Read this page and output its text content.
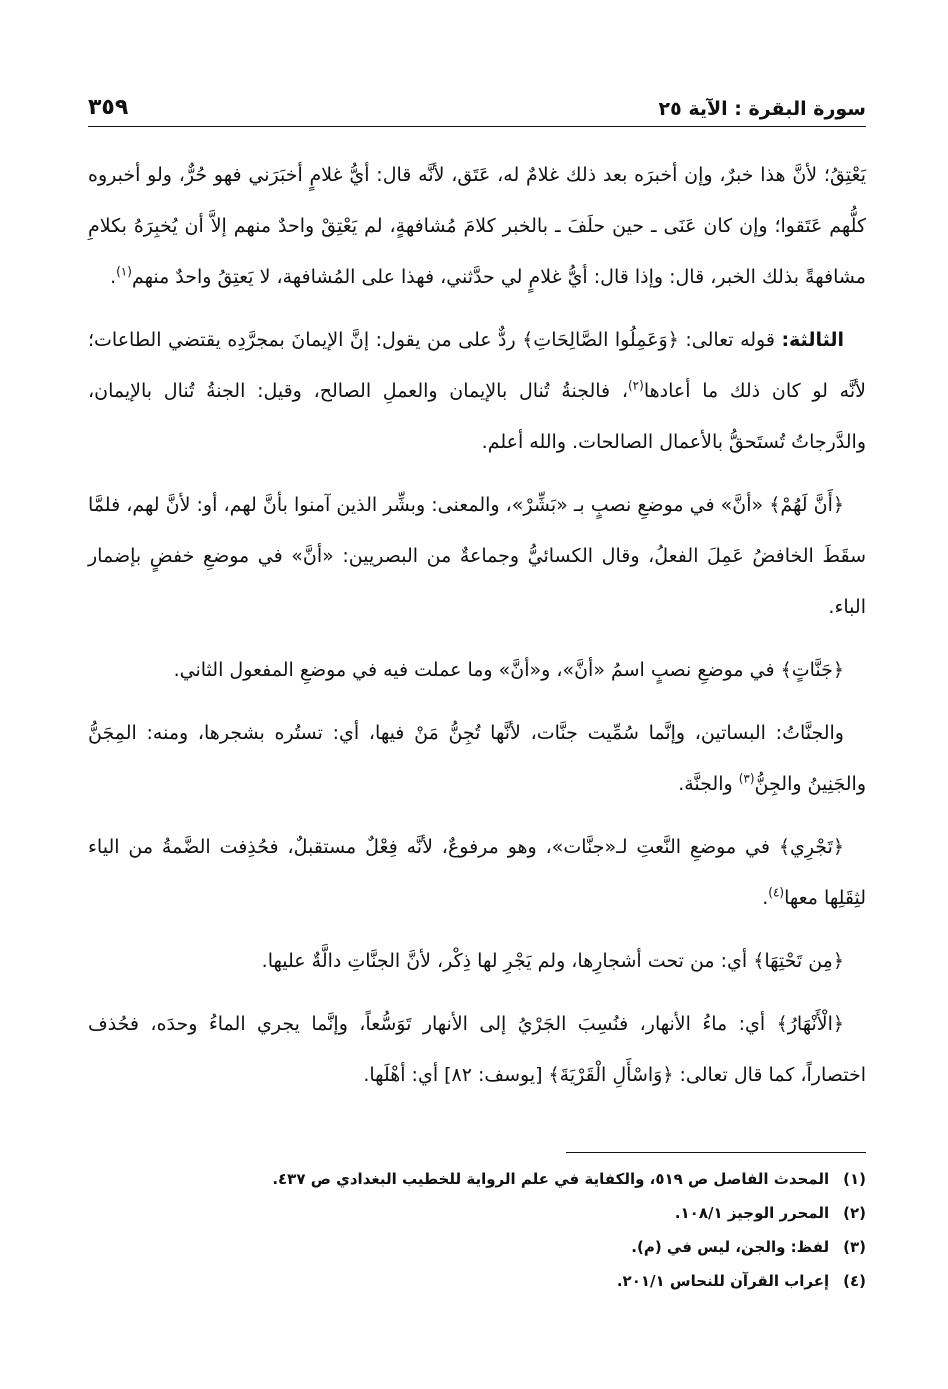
سورة البقرة : الآية ٢٥
٣٥٩

يَعْتِقُ؛ لأنَّ هذا خبرٌ، وإن أخبرَه بعد ذلك غلامٌ له، عَتَق، لأنَّه قال: أيُّ غلامٍ أخبَرَني فهو حُرٌّ، ولو أخبروه كلُّهم عَتَقوا؛ وإن كان عَنَى ـ حين حلَفَ ـ بالخبر كلامَ مُشافهةٍ، لم يَعْتِقْ واحدٌ منهم إلاَّ أن يُخبِرَهُ بكلامِ مشافهةً بذلك الخبر، قال: وإذا قال: أيُّ غلامٍ لي حدَّثني، فهذا على المُشافهة، لا يَعتِقُ واحدٌ منهم$^{(١)}$.

الثالثة: قوله تعالى: ﴿وَعَمِلُوا الصَّالِحَاتِ﴾ ردٌّ على من يقول: إنَّ الإيمانَ بمجرَّدِه يقتضي الطاعات؛ لأنَّه لو كان ذلك ما أعادها$^{(٢)}$، فالجنةُ تُنال بالإيمان والعملِ الصالح، وقيل: الجنةُ تُنال بالإيمان، والدَّرجاتُ تُستَحقُّ بالأعمال الصالحات. والله أعلم.

﴿أَنَّ لَهُمْ﴾ «أنَّ» في موضعِ نصبٍ بـ «بَشِّرْ»، والمعنى: وبشِّر الذين آمنوا بأنَّ لهم، أو: لأنَّ لهم، فلمَّا سقَطَ الخافضُ عَمِلَ الفعلُ، وقال الكسائيُّ وجماعةٌ من البصريين: «أنَّ» في موضعِ خفضٍ بإضمار الباء.

﴿جَنَّاتٍ﴾ في موضعِ نصبٍ اسمُ «أنَّ»، و«أنَّ» وما عملت فيه في موضعِ المفعول الثاني.

والجنَّاتُ: البساتين، وإنَّما سُمِّيت جنَّات، لأنَّها تُجِنُّ مَنْ فيها، أي: تستُره بشجرها، ومنه: المِجَنُّ والجَنِينُ والجِنُّ$^{(٣)}$ والجنَّة.

﴿تَجْرِي﴾ في موضعِ النَّعتِ لـ«جنَّات»، وهو مرفوعٌ، لأنَّه فِعْلٌ مستقبلٌ، فحُذِفت الضَّمةُ من الياء لثِقَلِها معها$^{(٤)}$.

﴿مِن تَحْتِهَا﴾ أي: من تحت أشجارِها، ولم يَجْرِ لها ذِكْر، لأنَّ الجنَّاتِ دالَّةٌ عليها.

﴿الْأَنْهَارُ﴾ أي: ماءُ الأنهار، فنُسِبَ الجَرْيُ إلى الأنهار تَوَسُّعاً، وإنَّما يجري الماءُ وحدَه، فحُذف اختصاراً، كما قال تعالى: ﴿وَاسْأَلِ الْقَرْيَةَ﴾ [يوسف: ٨٢] أي: أهْلَها.

(١)
المحدث الفاصل ص ٥١٩، والكفاية في علم الرواية للخطيب البغدادي ص ٤٣٧.
(٢)
المحرر الوجيز ١٠٨/١.
(٣)
لفظ: والجن، ليس في (م).
(٤)
إعراب القرآن للنحاس ٢٠١/١.
